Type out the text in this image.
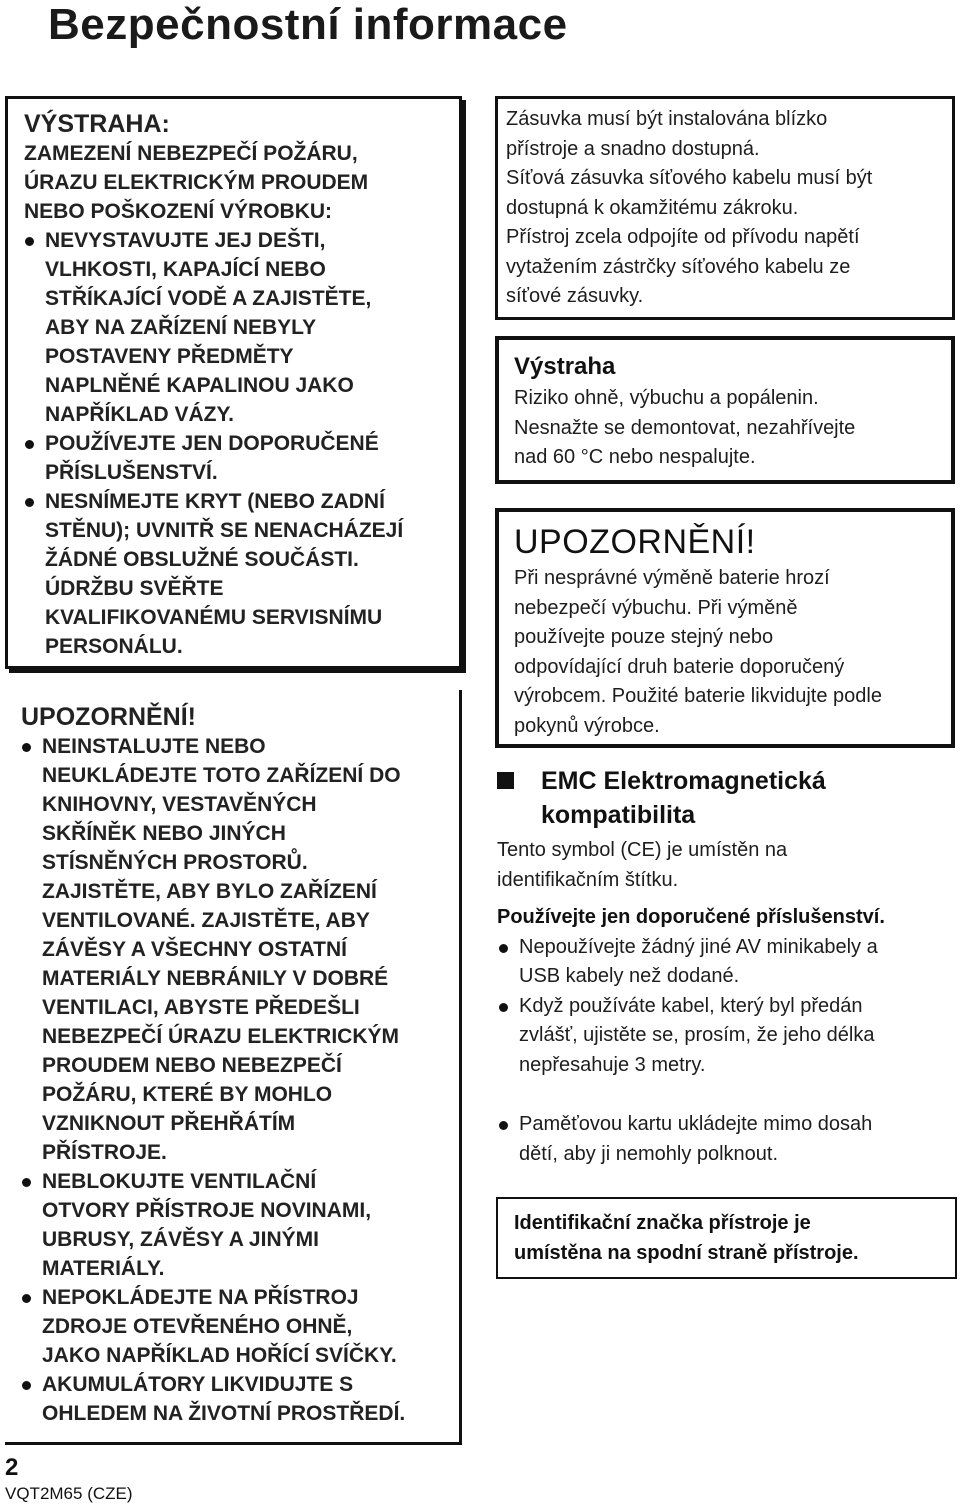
Bezpečnostní informace
VÝSTRAHA:
ZAMEZENÍ NEBEZPEČÍ POŽÁRU,
ÚRAZU ELEKTRICKÝM PROUDEM
NEBO POŠKOZENÍ VÝROBKU:
NEVYSTAVUJTE JEJ DEŠTI,
VLHKOSTI, KAPAJÍCÍ NEBO
STŘÍKAJÍCÍ VODĚ A ZAJISTĚTE,
ABY NA ZAŘÍZENÍ NEBYLY
POSTAVENY PŘEDMĚTY
NAPLNĚNÉ KAPALINOU JAKO
NAPŘÍKLAD VÁZY.
POUŽÍVEJTE JEN DOPORUČENÉ
PŘÍSLUŠENSTVÍ.
NESNÍMEJTE KRYT (NEBO ZADNÍ
STĚNU); UVNITŘ SE NENACHÁZEJÍ
ŽÁDNÉ OBSLUŽNÉ SOUČÁSTI.
ÚDRŽBU SVĚŘTE
KVALIFIKOVANÉMU SERVISNÍMU
PERSONÁLU.
UPOZORNĚNÍ!
NEINSTALUJTE NEBO
NEUKLÁDEJTE TOTO ZAŘÍZENÍ DO
KNIHOVNY, VESTAVĚNÝCH
SKŘÍNĚK NEBO JINÝCH
STÍSNĚNÝCH PROSTORŮ.
ZAJISTĚTE, ABY BYLO ZAŘÍZENÍ
VENTILOVANÉ. ZAJISTĚTE, ABY
ZÁVĚSY A VŠECHNY OSTATNÍ
MATERIÁLY NEBRÁNILY V DOBRÉ
VENTILACI, ABYSTE PŘEDEŠLI
NEBEZPEČÍ ÚRAZU ELEKTRICKÝM
PROUDEM NEBO NEBEZPEČÍ
POŽÁRU, KTERÉ BY MOHLO
VZNIKNOUT PŘEHŘÁTÍM
PŘÍSTROJE.
NEBLOKUJTE VENTILAČNÍ
OTVORY PŘÍSTROJE NOVINAMI,
UBRUSY, ZÁVĚSY A JINÝMI
MATERIÁLY.
NEPOKLÁDEJTE NA PŘÍSTROJ
ZDROJE OTEVŘENÉHO OHNĚ,
JAKO NAPŘÍKLAD HOŘÍCÍ SVÍČKY.
AKUMULÁTORY LIKVIDUJTE S
OHLEDEM NA ŽIVOTNÍ PROSTŘEDÍ.
Zásuvka musí být instalována blízko
přístroje a snadno dostupná.
Síťová zásuvka síťového kabelu musí být
dostupná k okamžitému zákroku.
Přístroj zcela odpojíte od přívodu napětí
vytažením zástrčky síťového kabelu ze
síťové zásuvky.
Výstraha
Riziko ohně, výbuchu a popálenin.
Nesnažte se demontovat, nezahřívejte
nad 60 °C nebo nespalujte.
UPOZORNĚNÍ!
Při nesprávné výměně baterie hrozí
nebezpečí výbuchu. Při výměně
používejte pouze stejný nebo
odpovídající druh baterie doporučený
výrobcem. Použité baterie likvidujte podle
pokynů výrobce.
EMC Elektromagnetická
kompatibilita
Tento symbol (CE) je umístěn na
identifikačním štítku.
Používejte jen doporučené příslušenství.
Nepoužívejte žádný jiné AV minikabely a
USB kabely než dodané.
Když používáte kabel, který byl předán
zvlášť, ujistěte se, prosím, že jeho délka
nepřesahuje 3 metry.
Paměťovou kartu ukládejte mimo dosah
dětí, aby ji nemohly polknout.
Identifikační značka přístroje je
umístěna na spodní straně přístroje.
2
VQT2M65 (CZE)
